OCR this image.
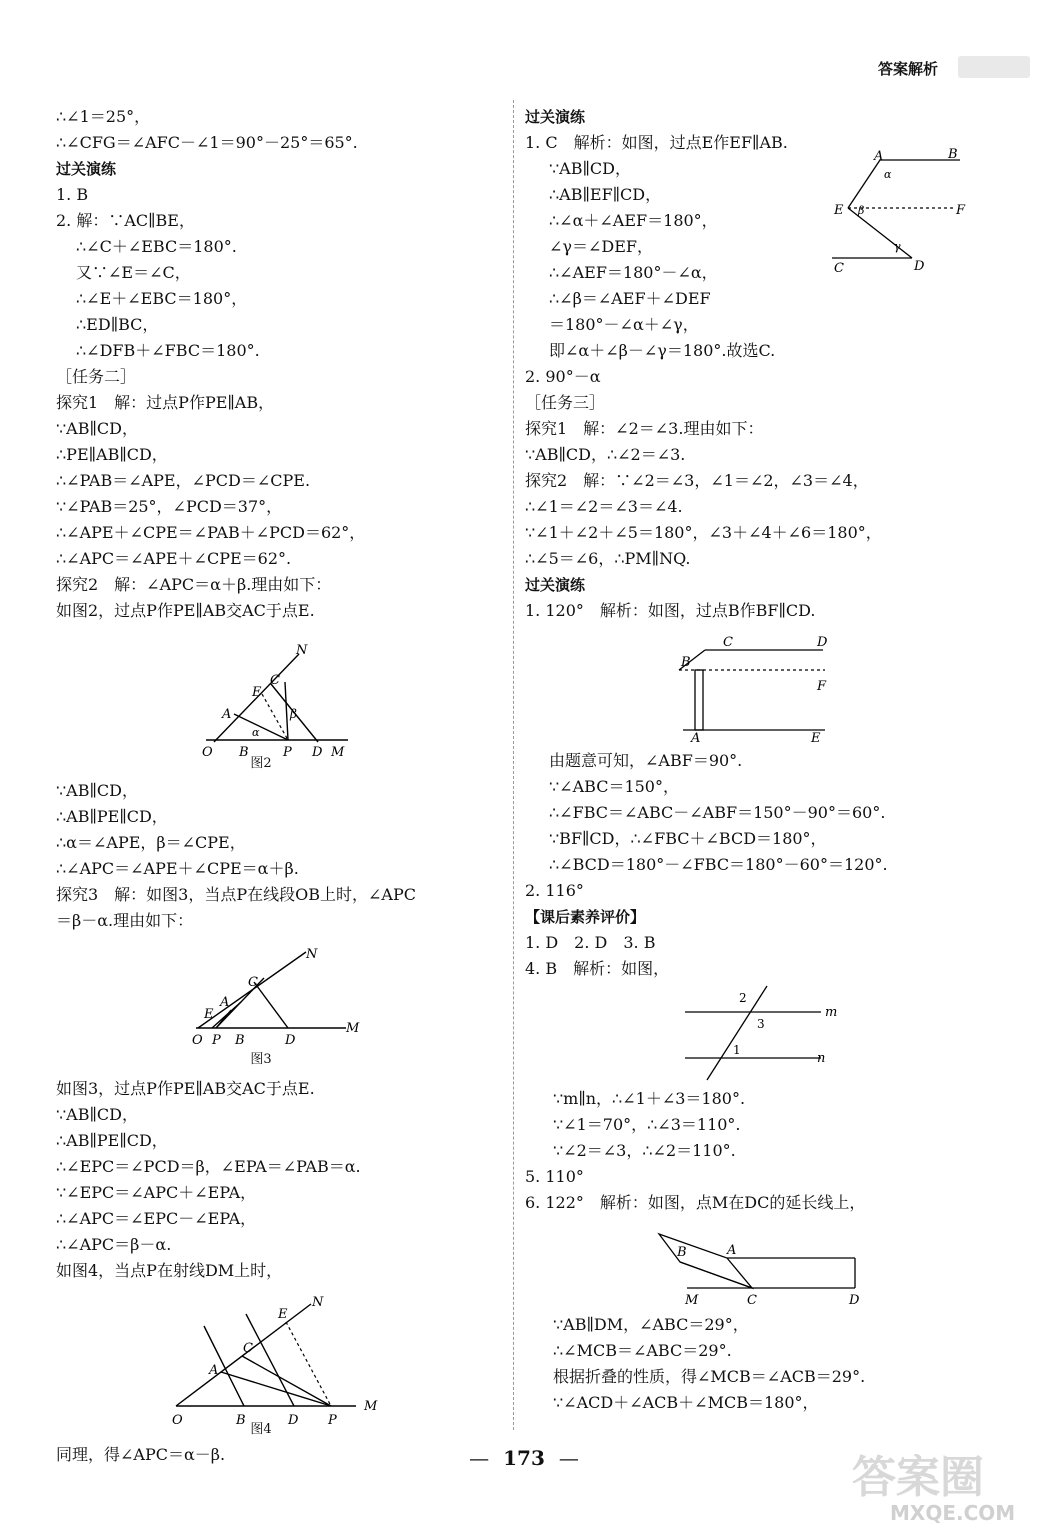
答案解析
∴∠1＝25°，
∴∠CFG＝∠AFC－∠1＝90°－25°＝65°.
过关演练
1. B
2. 解：∵AC∥BE，
∴∠C＋∠EBC＝180°.
又∵∠E＝∠C，
∴∠E＋∠EBC＝180°，
∴ED∥BC，
∴∠DFB＋∠FBC＝180°.
［任务二］
探究1　解：过点P作PE∥AB，
∵AB∥CD，
∴PE∥AB∥CD，
∴∠PAB＝∠APE，∠PCD＝∠CPE.
∵∠PAB＝25°，∠PCD＝37°，
∴∠APE＋∠CPE＝∠PAB＋∠PCD＝62°，
∴∠APC＝∠APE＋∠CPE＝62°.
探究2　解：∠APC＝α＋β.理由如下：
如图2，过点P作PE∥AB交AC于点E.
O B	P D M
A
E
C
N
β
α
图2
∵AB∥CD，
∴AB∥PE∥CD，
∴α＝∠APE，β＝∠CPE，
∴∠APC＝∠APE＋∠CPE＝α＋β.
探究3　解：如图3，当点P在线段OB上时，∠APC
＝β－α.理由如下：
O P B	D
M
E
A
C
N
图3
如图3，过点P作PE∥AB交AC于点E.
∵AB∥CD，
∴AB∥PE∥CD，
∴∠EPC＝∠PCD＝β，∠EPA＝∠PAB＝α.
∵∠EPC＝∠APC＋∠EPA，
∴∠APC＝∠EPC－∠EPA，
∴∠APC＝β－α.
如图4，当点P在射线DM上时，
O	B	D P
M
A
C
E
N
图4
同理，得∠APC＝α－β.
过关演练
1. C　解析：如图，过点E作EF∥AB.
∵AB∥CD，
∴AB∥EF∥CD，
∴∠α＋∠AEF＝180°，
∠γ＝∠DEF，
∴∠AEF＝180°－∠α，
∴∠β＝∠AEF＋∠DEF
＝180°－∠α＋∠γ，
即∠α＋∠β－∠γ＝180°.故选C.
2. 90°－α
［任务三］
探究1　解：∠2＝∠3.理由如下：
∵AB∥CD，∴∠2＝∠3.
探究2　解：∵∠2＝∠3，∠1＝∠2，∠3＝∠4，
∴∠1＝∠2＝∠3＝∠4.
∵∠1＋∠2＋∠5＝180°，∠3＋∠4＋∠6＝180°，
∴∠5＝∠6，∴PM∥NQ.
过关演练
1. 120°　解析：如图，过点B作BF∥CD.
A	B
α
E β	F
γ
D
C
C	D
B
F
A	E
由题意可知，∠ABF＝90°.
∵∠ABC＝150°，
∴∠FBC＝∠ABC－∠ABF＝150°－90°＝60°.
∵BF∥CD，∴∠FBC＋∠BCD＝180°，
∴∠BCD＝180°－∠FBC＝180°－60°＝120°.
2. 116°
【课后素养评价】
1. D　2. D　3. B
4. B　解析：如图，
2
3
1
m
n
∵m∥n，∴∠1＋∠3＝180°.
∵∠1＝70°，∴∠3＝110°.
∵∠2＝∠3，∴∠2＝110°.
5. 110°
6. 122°　解析：如图，点M在DC的延长线上，
B	A
M	C	D
∵AB∥DM，∠ABC＝29°，
∴∠MCB＝∠ABC＝29°.
根据折叠的性质，得∠MCB＝∠ACB＝29°.
∵∠ACD＋∠ACB＋∠MCB＝180°，
— 173 —	答案圈
MXQE.COM
